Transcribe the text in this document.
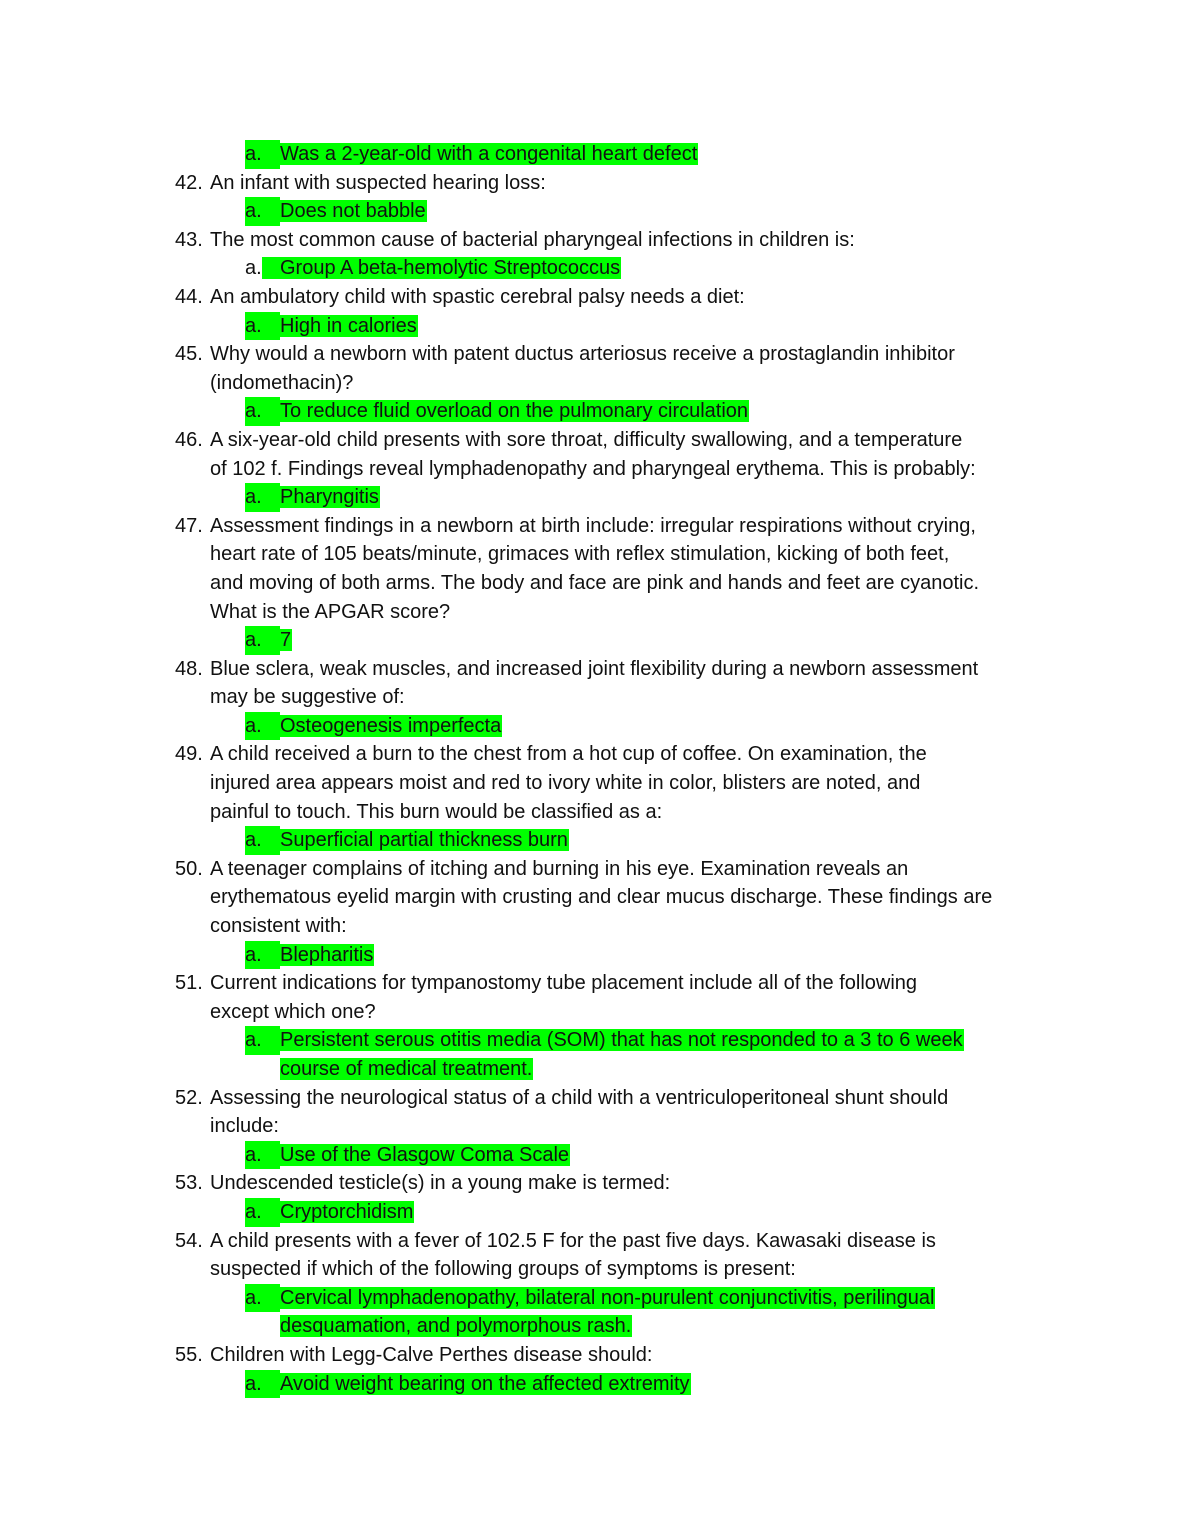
a. Was a 2-year-old with a congenital heart defect
42. An infant with suspected hearing loss:
a. Does not babble
43. The most common cause of bacterial pharyngeal infections in children is:
a. Group A beta-hemolytic Streptococcus
44. An ambulatory child with spastic cerebral palsy needs a diet:
a. High in calories
45. Why would a newborn with patent ductus arteriosus receive a prostaglandin inhibitor
(indomethacin)?
a. To reduce fluid overload on the pulmonary circulation
46. A six-year-old child presents with sore throat, difficulty swallowing, and a temperature
of 102 f. Findings reveal lymphadenopathy and pharyngeal erythema. This is probably:
a. Pharyngitis
47. Assessment findings in a newborn at birth include: irregular respirations without crying,
heart rate of 105 beats/minute, grimaces with reflex stimulation, kicking of both feet,
and moving of both arms. The body and face are pink and hands and feet are cyanotic.
What is the APGAR score?
a. 7
48. Blue sclera, weak muscles, and increased joint flexibility during a newborn assessment
may be suggestive of:
a. Osteogenesis imperfecta
49. A child received a burn to the chest from a hot cup of coffee. On examination, the
injured area appears moist and red to ivory white in color, blisters are noted, and
painful to touch. This burn would be classified as a:
a. Superficial partial thickness burn
50. A teenager complains of itching and burning in his eye. Examination reveals an
erythematous eyelid margin with crusting and clear mucus discharge. These findings are
consistent with:
a. Blepharitis
51. Current indications for tympanostomy tube placement include all of the following
except which one?
a. Persistent serous otitis media (SOM) that has not responded to a 3 to 6 week
course of medical treatment.
52. Assessing the neurological status of a child with a ventriculoperitoneal shunt should
include:
a. Use of the Glasgow Coma Scale
53. Undescended testicle(s) in a young make is termed:
a. Cryptorchidism
54. A child presents with a fever of 102.5 F for the past five days. Kawasaki disease is
suspected if which of the following groups of symptoms is present:
a. Cervical lymphadenopathy, bilateral non-purulent conjunctivitis, perilingual
desquamation, and polymorphous rash.
55. Children with Legg-Calve Perthes disease should:
a. Avoid weight bearing on the affected extremity
